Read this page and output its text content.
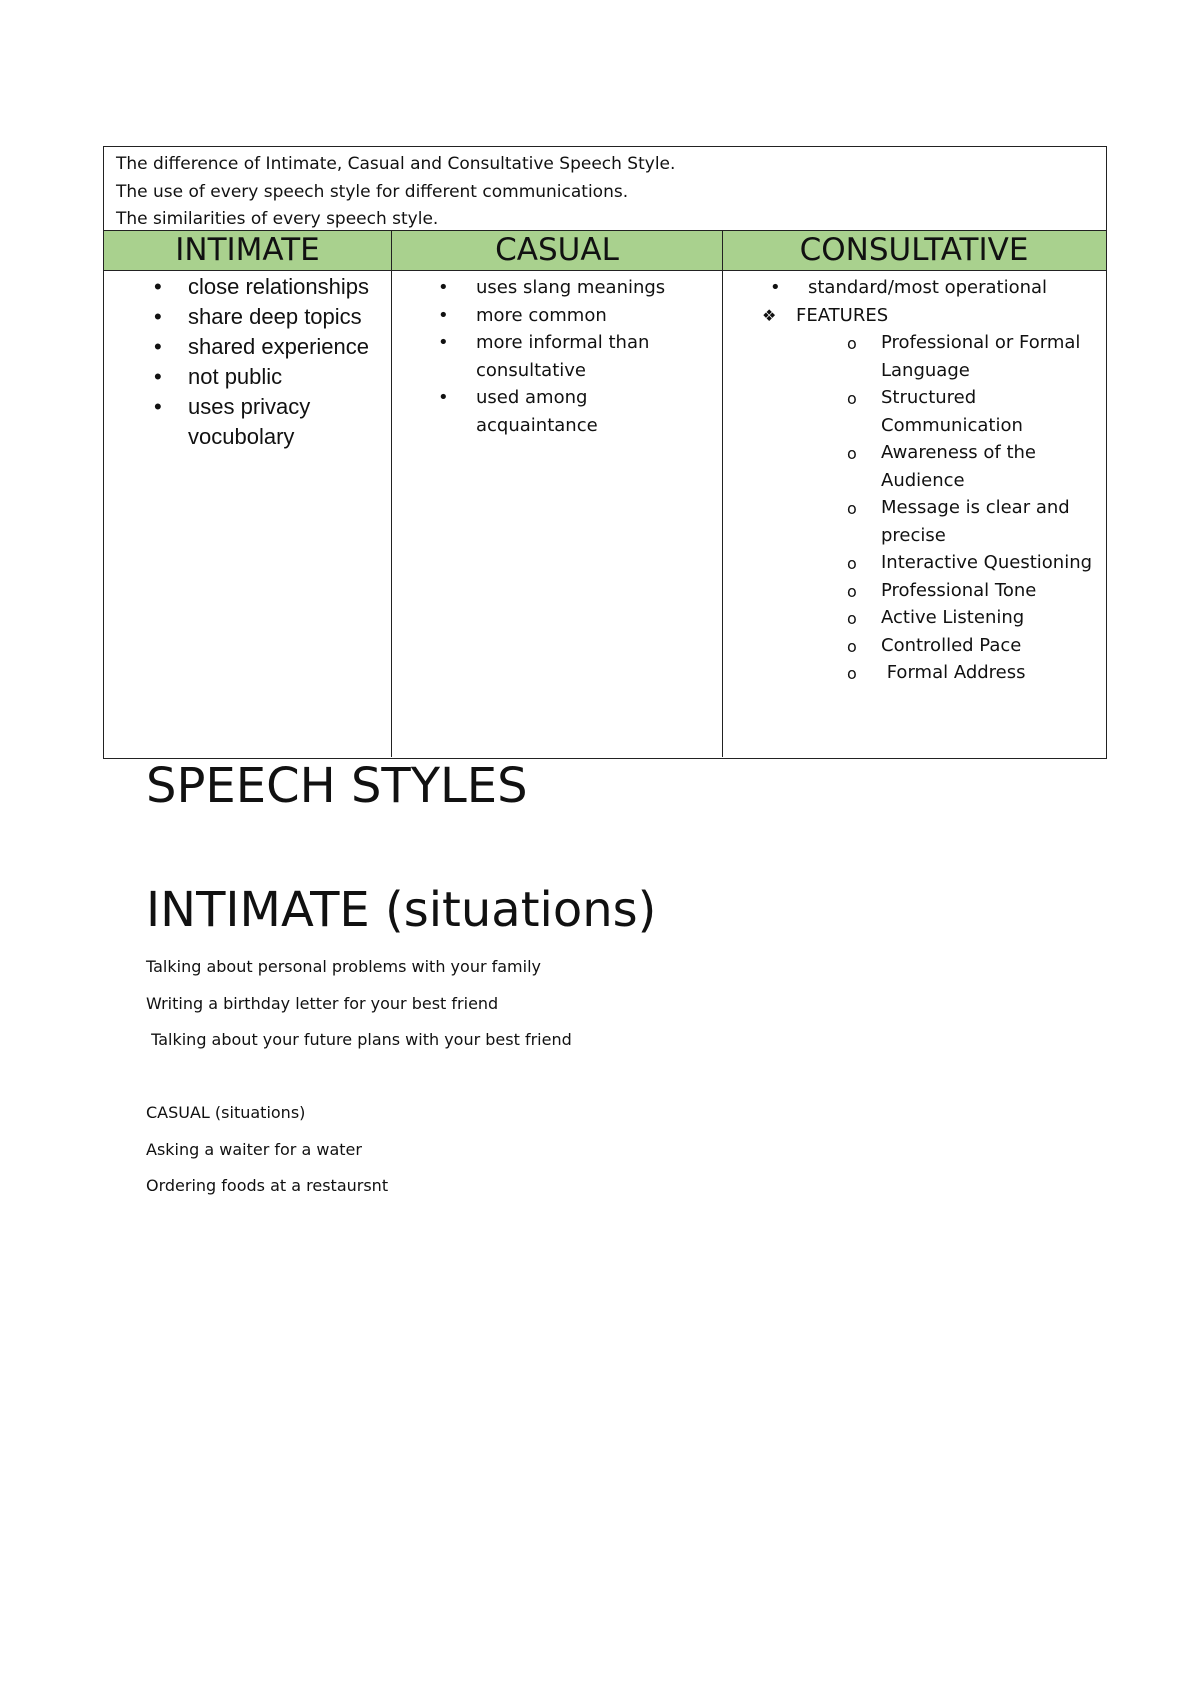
The difference of Intimate, Casual and Consultative Speech Style.
The use of every speech style for different communications.
The similarities of every speech style.
INTIMATE	CASUAL	CONSULTATIVE
• close relationships
• share deep topics
• shared experience
• not public
• uses privacy vocubolary
• uses slang meanings
• more common
• more informal than consultative
• used among acquaintance
• standard/most operational
❖ FEATURES
o Professional or Formal Language
o Structured Communication
o Awareness of the Audience
o Message is clear and precise
o Interactive Questioning
o Professional Tone
o Active Listening
o Controlled Pace
o  Formal Address
SPEECH STYLES
INTIMATE (situations)
Talking about personal problems with your family
Writing a birthday letter for your best friend
Talking about your future plans with your best friend
CASUAL (situations)
Asking a waiter for a water
Ordering foods at a restaursnt
